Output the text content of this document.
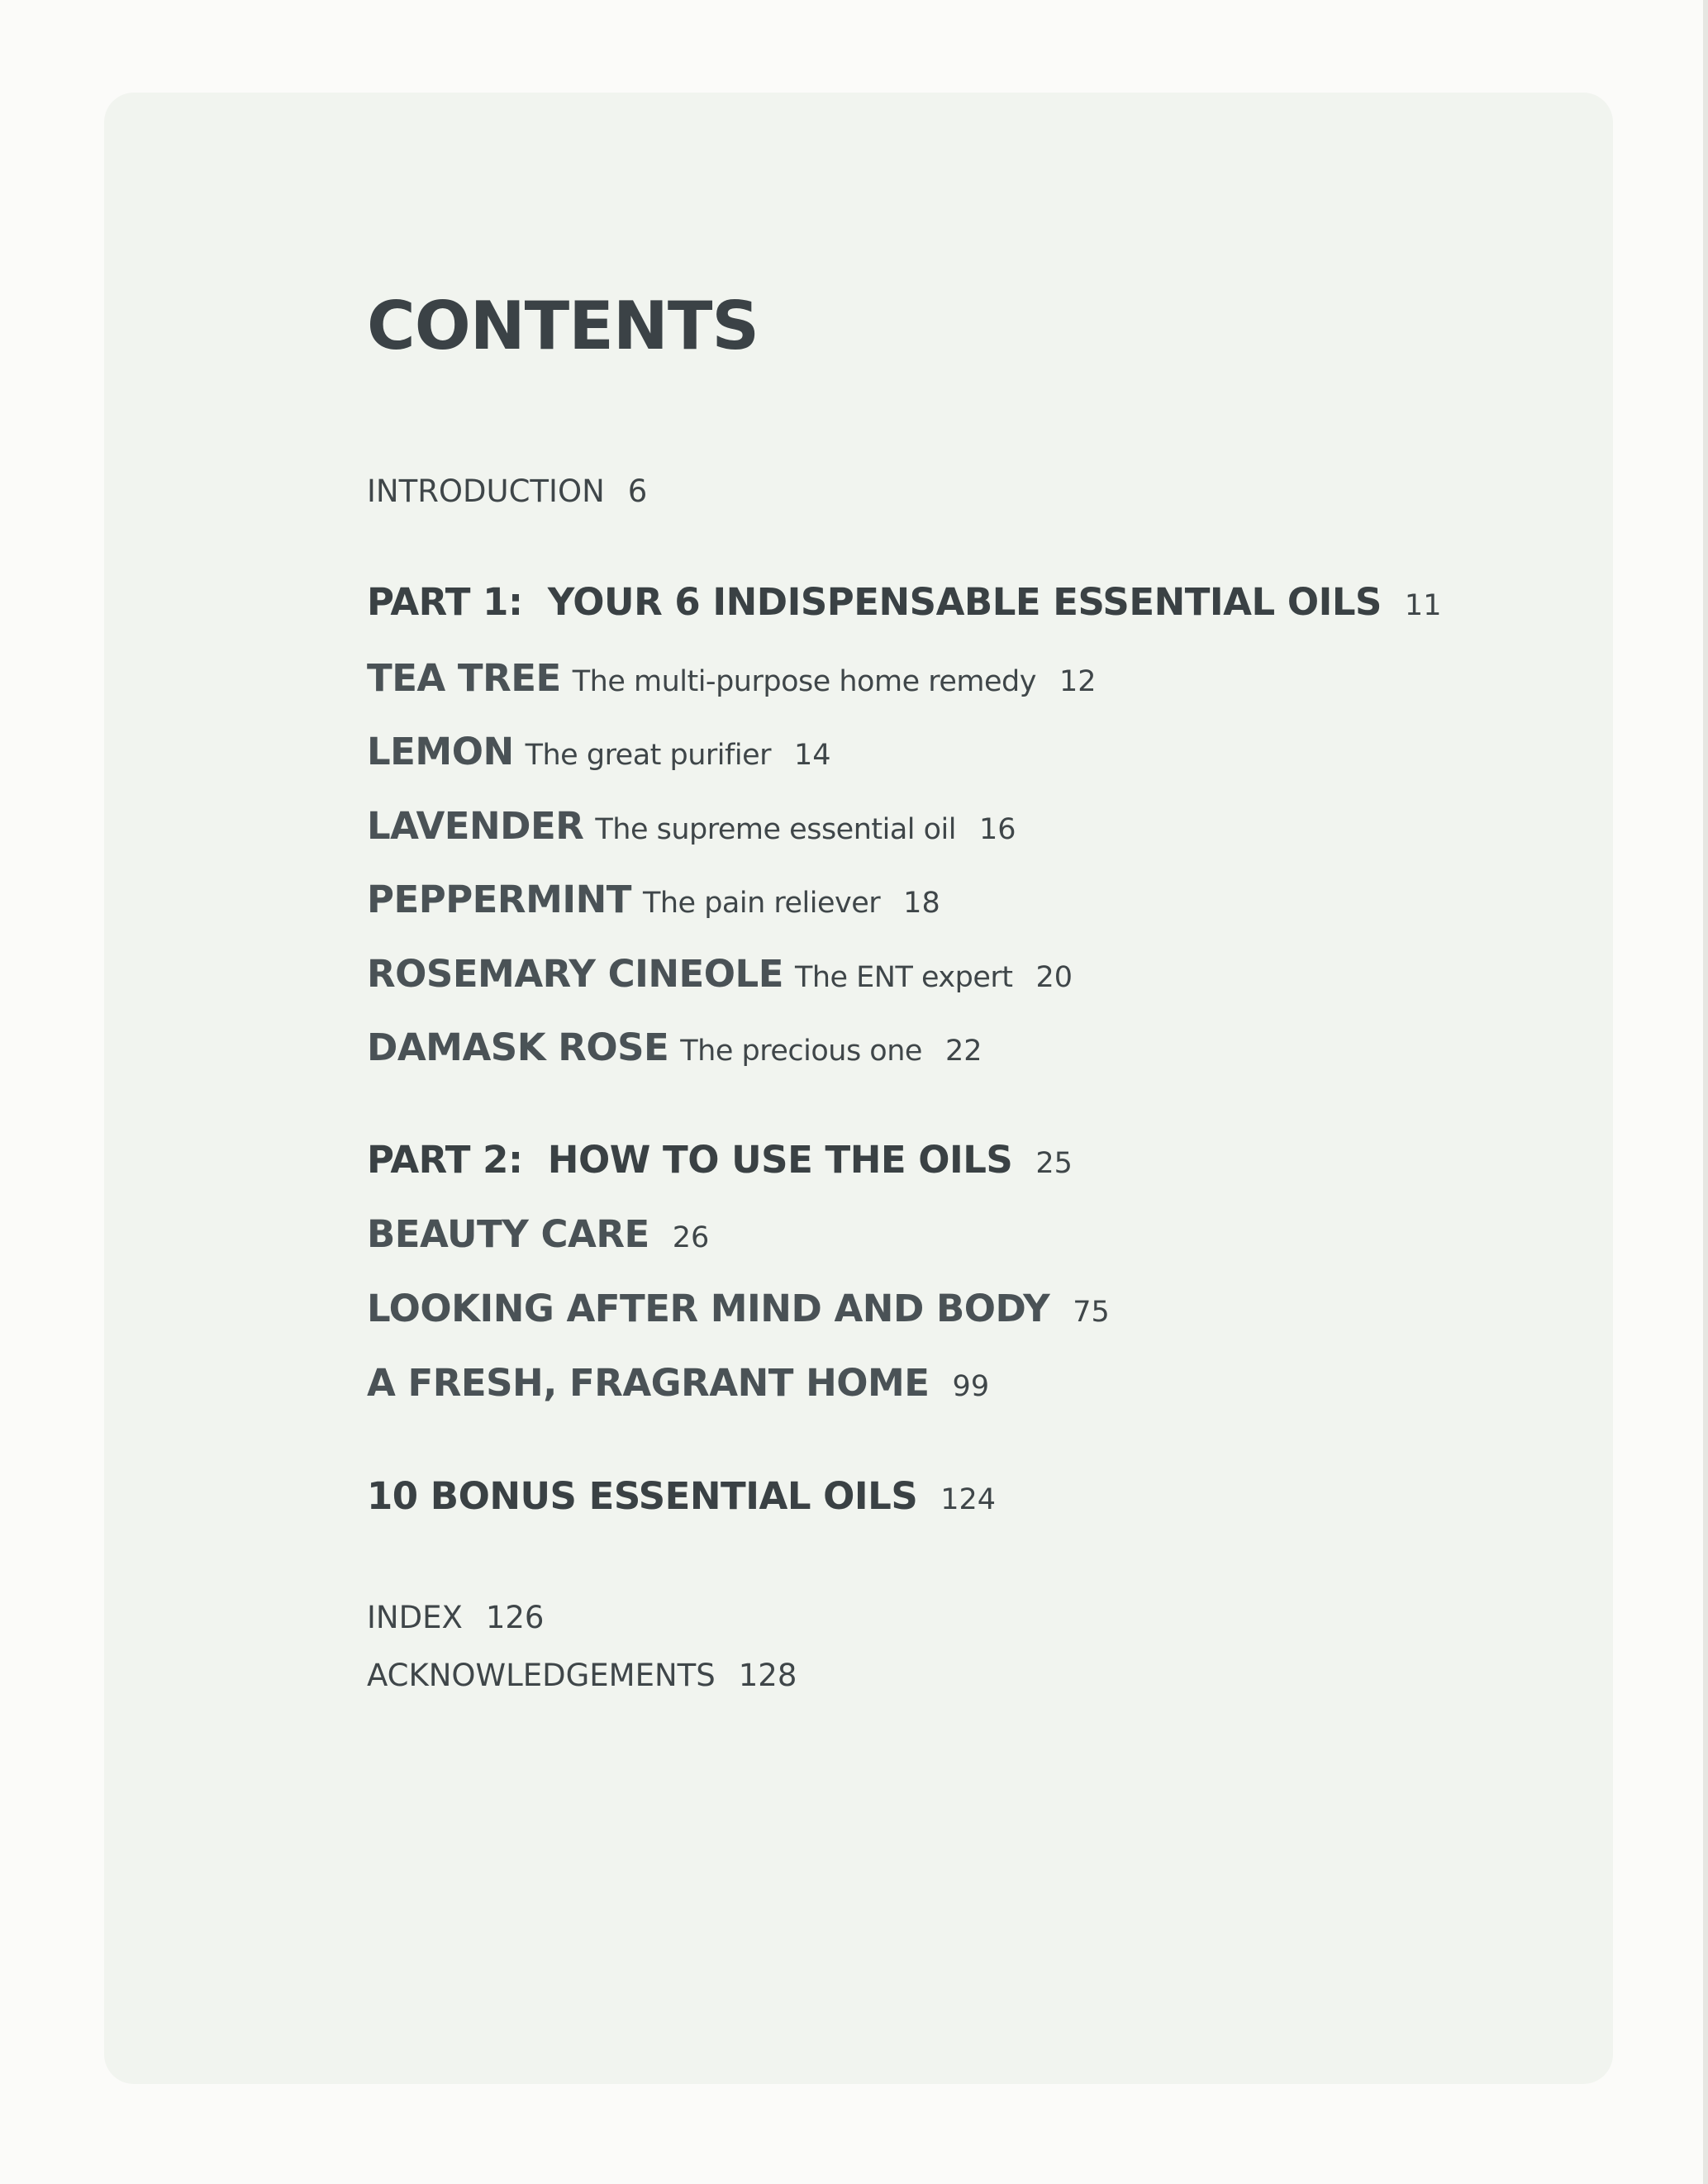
CONTENTS
INTRODUCTION 6
PART 1:  YOUR 6 INDISPENSABLE ESSENTIAL OILS 11
TEA TREE The multi-purpose home remedy 12
LEMON The great purifier 14
LAVENDER The supreme essential oil 16
PEPPERMINT The pain reliever 18
ROSEMARY CINEOLE The ENT expert 20
DAMASK ROSE The precious one 22
PART 2:  HOW TO USE THE OILS 25
BEAUTY CARE 26
LOOKING AFTER MIND AND BODY 75
A FRESH, FRAGRANT HOME 99
10 BONUS ESSENTIAL OILS 124
INDEX 126
ACKNOWLEDGEMENTS 128
